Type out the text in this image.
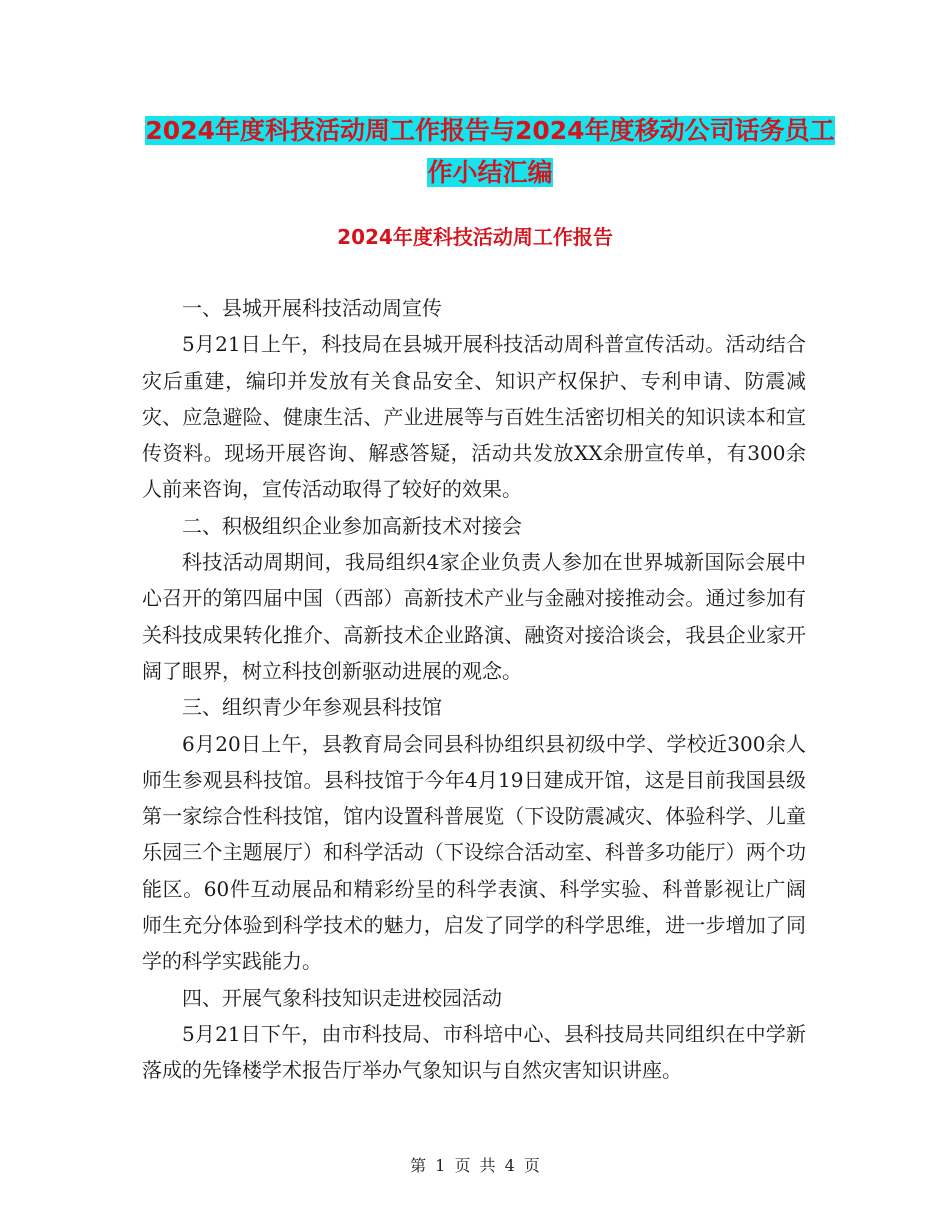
2024年度科技活动周工作报告与2024年度移动公司话务员工作小结汇编
2024年度科技活动周工作报告

一、县城开展科技活动周宣传

5月21日上午，科技局在县城开展科技活动周科普宣传活动。活动结合灾后重建，编印并发放有关食品安全、知识产权保护、专利申请、防震减灾、应急避险、健康生活、产业进展等与百姓生活密切相关的知识读本和宣传资料。现场开展咨询、解惑答疑，活动共发放XX余册宣传单，有300余人前来咨询，宣传活动取得了较好的效果。

二、积极组织企业参加高新技术对接会

科技活动周期间，我局组织4家企业负责人参加在世界城新国际会展中心召开的第四届中国（西部）高新技术产业与金融对接推动会。通过参加有关科技成果转化推介、高新技术企业路演、融资对接洽谈会，我县企业家开阔了眼界，树立科技创新驱动进展的观念。

三、组织青少年参观县科技馆

6月20日上午，县教育局会同县科协组织县初级中学、学校近300余人师生参观县科技馆。县科技馆于今年4月19日建成开馆，这是目前我国县级第一家综合性科技馆，馆内设置科普展览（下设防震减灾、体验科学、儿童乐园三个主题展厅）和科学活动（下设综合活动室、科普多功能厅）两个功能区。60件互动展品和精彩纷呈的科学表演、科学实验、科普影视让广阔师生充分体验到科学技术的魅力，启发了同学的科学思维，进一步增加了同学的科学实践能力。

四、开展气象科技知识走进校园活动

5月21日下午，由市科技局、市科培中心、县科技局共同组织在中学新落成的先锋楼学术报告厅举办气象知识与自然灾害知识讲座。

第 1 页 共 4 页
